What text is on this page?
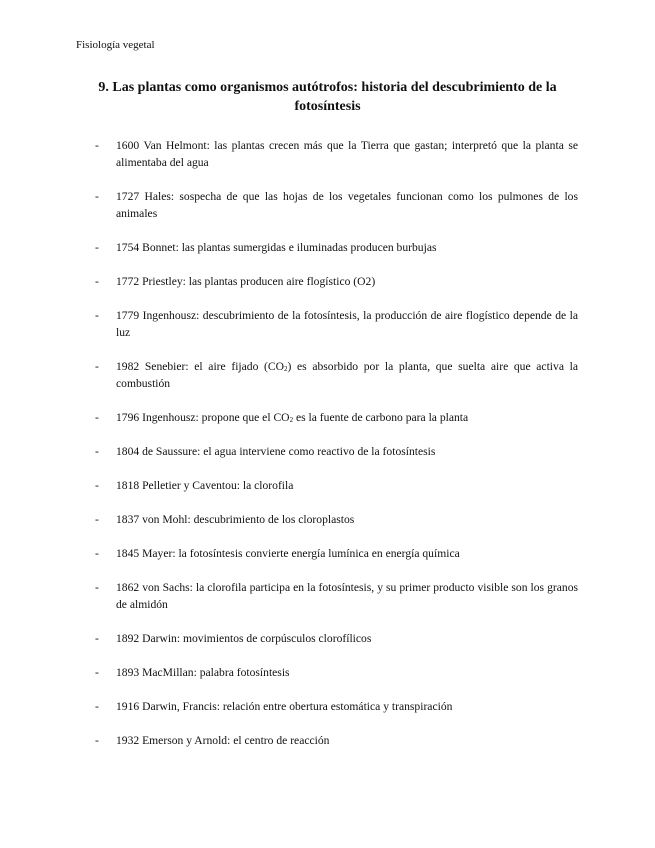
Fisiología vegetal
9. Las plantas como organismos autótrofos: historia del descubrimiento de la fotosíntesis
-	1600 Van Helmont: las plantas crecen más que la Tierra que gastan; interpretó que la planta se alimentaba del agua
-	1727 Hales: sospecha de que las hojas de los vegetales funcionan como los pulmones de los animales
-	1754 Bonnet: las plantas sumergidas e iluminadas producen burbujas
-	1772 Priestley: las plantas producen aire flogístico (O2)
-	1779 Ingenhousz: descubrimiento de la fotosíntesis, la producción de aire flogístico depende de la luz
-	1982 Senebier: el aire fijado $(CO_2)$ es absorbido por la planta, que suelta aire que activa la combustión
-	1796 Ingenhousz: propone que el $CO_2$ es la fuente de carbono para la planta
-	1804 de Saussure: el agua interviene como reactivo de la fotosíntesis
-	1818 Pelletier y Caventou: la clorofila
-	1837 von Mohl: descubrimiento de los cloroplastos
-	1845 Mayer: la fotosíntesis convierte energía lumínica en energía química
-	1862 von Sachs: la clorofila participa en la fotosíntesis, y su primer producto visible son los granos de almidón
-	1892 Darwin: movimientos de corpúsculos clorofílicos
-	1893 MacMillan: palabra fotosíntesis
-	1916 Darwin, Francis: relación entre obertura estomática y transpiración
-	1932 Emerson y Arnold: el centro de reacción
